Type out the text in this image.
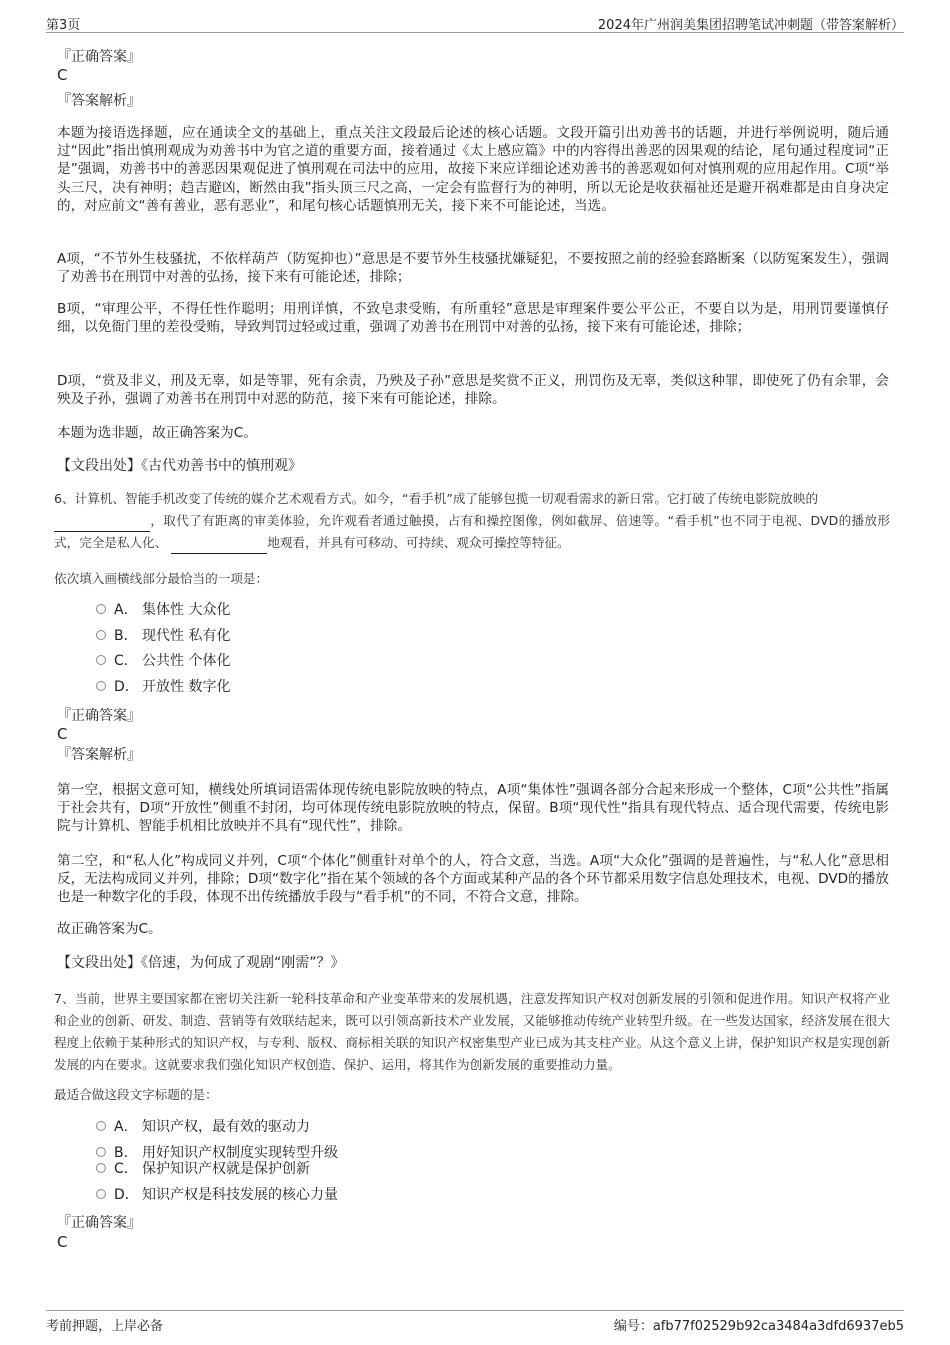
第3页	2024年广州润美集团招聘笔试冲刺题（带答案解析）
『正确答案』
C
『答案解析』
本题为接语选择题，应在通读全文的基础上，重点关注文段最后论述的核心话题。文段开篇引出劝善书的话题，并进行举例说明，随后通过“因此”指出慎刑观成为劝善书中为官之道的重要方面，接着通过《太上感应篇》中的内容得出善恶的因果观的结论，尾句通过程度词“正是”强调，劝善书中的善恶因果观促进了慎刑观在司法中的应用，故接下来应详细论述劝善书的善恶观如何对慎刑观的应用起作用。C项“举头三尺，决有神明；趋吉避凶，断然由我”指头顶三尺之高，一定会有监督行为的神明，所以无论是收获福祉还是避开祸难都是由自身决定的，对应前文“善有善业，恶有恶业”，和尾句核心话题慎刑无关，接下来不可能论述，当选。
A项，“不节外生枝骚扰，不依样葫芦（防冤抑也）”意思是不要节外生枝骚扰嫌疑犯，不要按照之前的经验套路断案（以防冤案发生），强调了劝善书在刑罚中对善的弘扬，接下来有可能论述，排除；
B项，“审理公平，不得任性作聪明；用刑详慎，不致皂隶受贿，有所重轻”意思是审理案件要公平公正，不要自以为是，用刑罚要谨慎仔细，以免衙门里的差役受贿，导致判罚过轻或过重，强调了劝善书在刑罚中对善的弘扬，接下来有可能论述，排除；
D项，“赏及非义，刑及无辜，如是等罪，死有余责，乃殃及子孙”意思是奖赏不正义，刑罚伤及无辜，类似这种罪，即使死了仍有余罪，会殃及子孙，强调了劝善书在刑罚中对恶的防范，接下来有可能论述，排除。
本题为选非题，故正确答案为C。
【文段出处】《古代劝善书中的慎刑观》
6、计算机、智能手机改变了传统的媒介艺术观看方式。如今，“看手机”成了能够包揽一切观看需求的新日常。它打破了传统电影院放映的
，取代了有距离的审美体验，允许观看者通过触摸，占有和操控图像，例如截屏、倍速等。“看手机”也不同于电视、DVD的播放形式，完全是私人化、	地观看，并具有可移动、可持续、观众可操控等特征。
依次填入画横线部分最恰当的一项是：
A． 集体性 大众化
B． 现代性 私有化
C． 公共性 个体化
D． 开放性 数字化
『正确答案』
C
『答案解析』
第一空，根据文意可知，横线处所填词语需体现传统电影院放映的特点，A项“集体性”强调各部分合起来形成一个整体，C项“公共性”指属于社会共有，D项“开放性”侧重不封闭，均可体现传统电影院放映的特点，保留。B项“现代性”指具有现代特点、适合现代需要，传统电影院与计算机、智能手机相比放映并不具有“现代性”，排除。
第二空，和“私人化”构成同义并列，C项“个体化”侧重针对单个的人，符合文意，当选。A项“大众化”强调的是普遍性，与“私人化”意思相反，无法构成同义并列，排除；D项“数字化”指在某个领域的各个方面或某种产品的各个环节都采用数字信息处理技术，电视、DVD的播放也是一种数字化的手段，体现不出传统播放手段与“看手机”的不同，不符合文意，排除。
故正确答案为C。
【文段出处】《倍速，为何成了观剧“刚需”？》
7、当前，世界主要国家都在密切关注新一轮科技革命和产业变革带来的发展机遇，注意发挥知识产权对创新发展的引领和促进作用。知识产权将产业和企业的创新、研发、制造、营销等有效联结起来，既可以引领高新技术产业发展，又能够推动传统产业转型升级。在一些发达国家，经济发展在很大程度上依赖于某种形式的知识产权，与专利、版权、商标相关联的知识产权密集型产业已成为其支柱产业。从这个意义上讲，保护知识产权是实现创新发展的内在要求。这就要求我们强化知识产权创造、保护、运用，将其作为创新发展的重要推动力量。
最适合做这段文字标题的是：
A． 知识产权，最有效的驱动力
B． 用好知识产权制度实现转型升级
C． 保护知识产权就是保护创新
D． 知识产权是科技发展的核心力量
『正确答案』
C
考前押题，上岸必备	编号：afb77f02529b92ca3484a3dfd6937eb5
